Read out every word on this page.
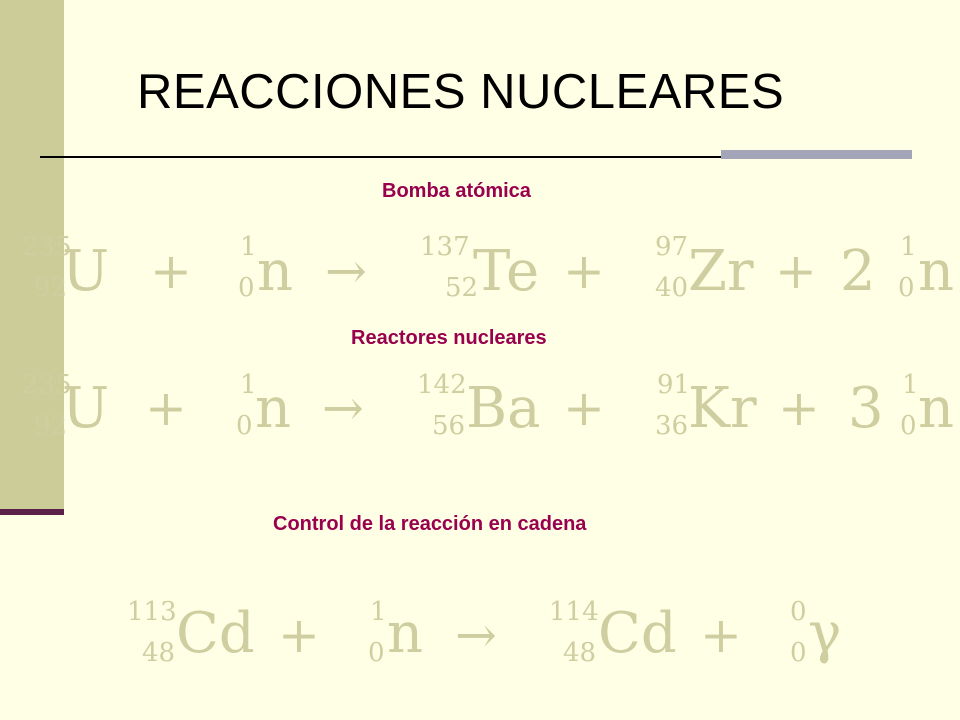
REACCIONES NUCLEARES
Bomba atómica
Reactores nucleares
Control de la reacción en cadena
235
92
U + 1
0 n → 137
52
Te + 97
40 Zr + 2 1
0 n
235
92
U + 1
0 n → 142
56 Ba + 91
36 Kr + 3 1
0 n
113
48 Cd + 1
0 n → 114
48 Cd + 0
0 γ
